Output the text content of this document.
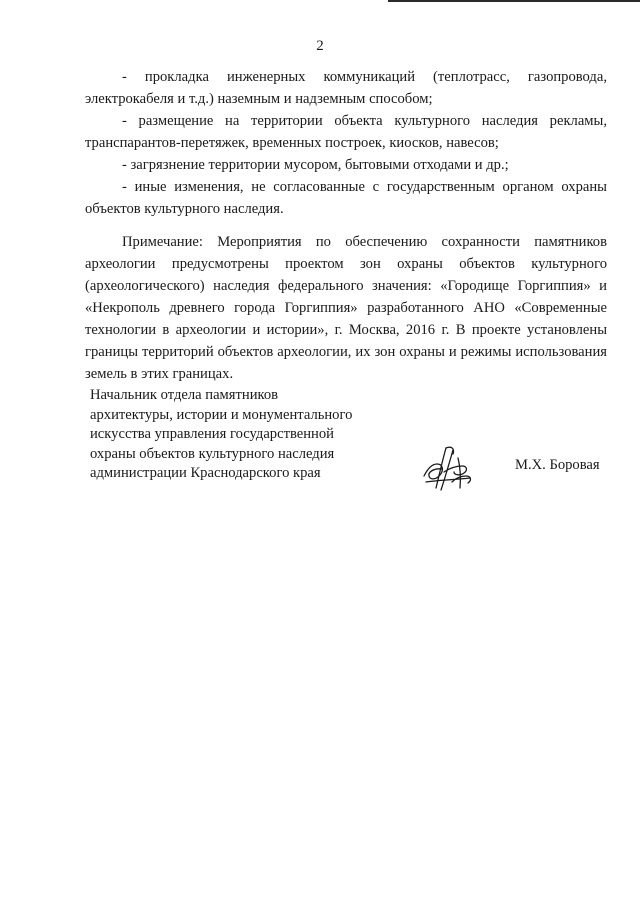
2

- прокладка инженерных коммуникаций (теплотрасс, газопровода, электрокабеля и т.д.) наземным и надземным способом;

- размещение на территории объекта культурного наследия рекламы, транспарантов-перетяжек, временных построек, киосков, навесов;

- загрязнение территории мусором, бытовыми отходами и др.;

- иные изменения, не согласованные с государственным органом охраны объектов культурного наследия.

Примечание: Мероприятия по обеспечению сохранности памятников археологии предусмотрены проектом зон охраны объектов культурного (археологического) наследия федерального значения: «Городище Горгиппия» и «Некрополь древнего города Горгиппия» разработанного АНО «Современные технологии в археологии и истории», г. Москва, 2016 г. В проекте установлены границы территорий объектов археологии, их зон охраны и режимы использования земель в этих границах.

Начальник отдела памятников
архитектуры, истории и монументального
искусства управления государственной
охраны объектов культурного наследия
администрации Краснодарского края	М.Х. Боровая
